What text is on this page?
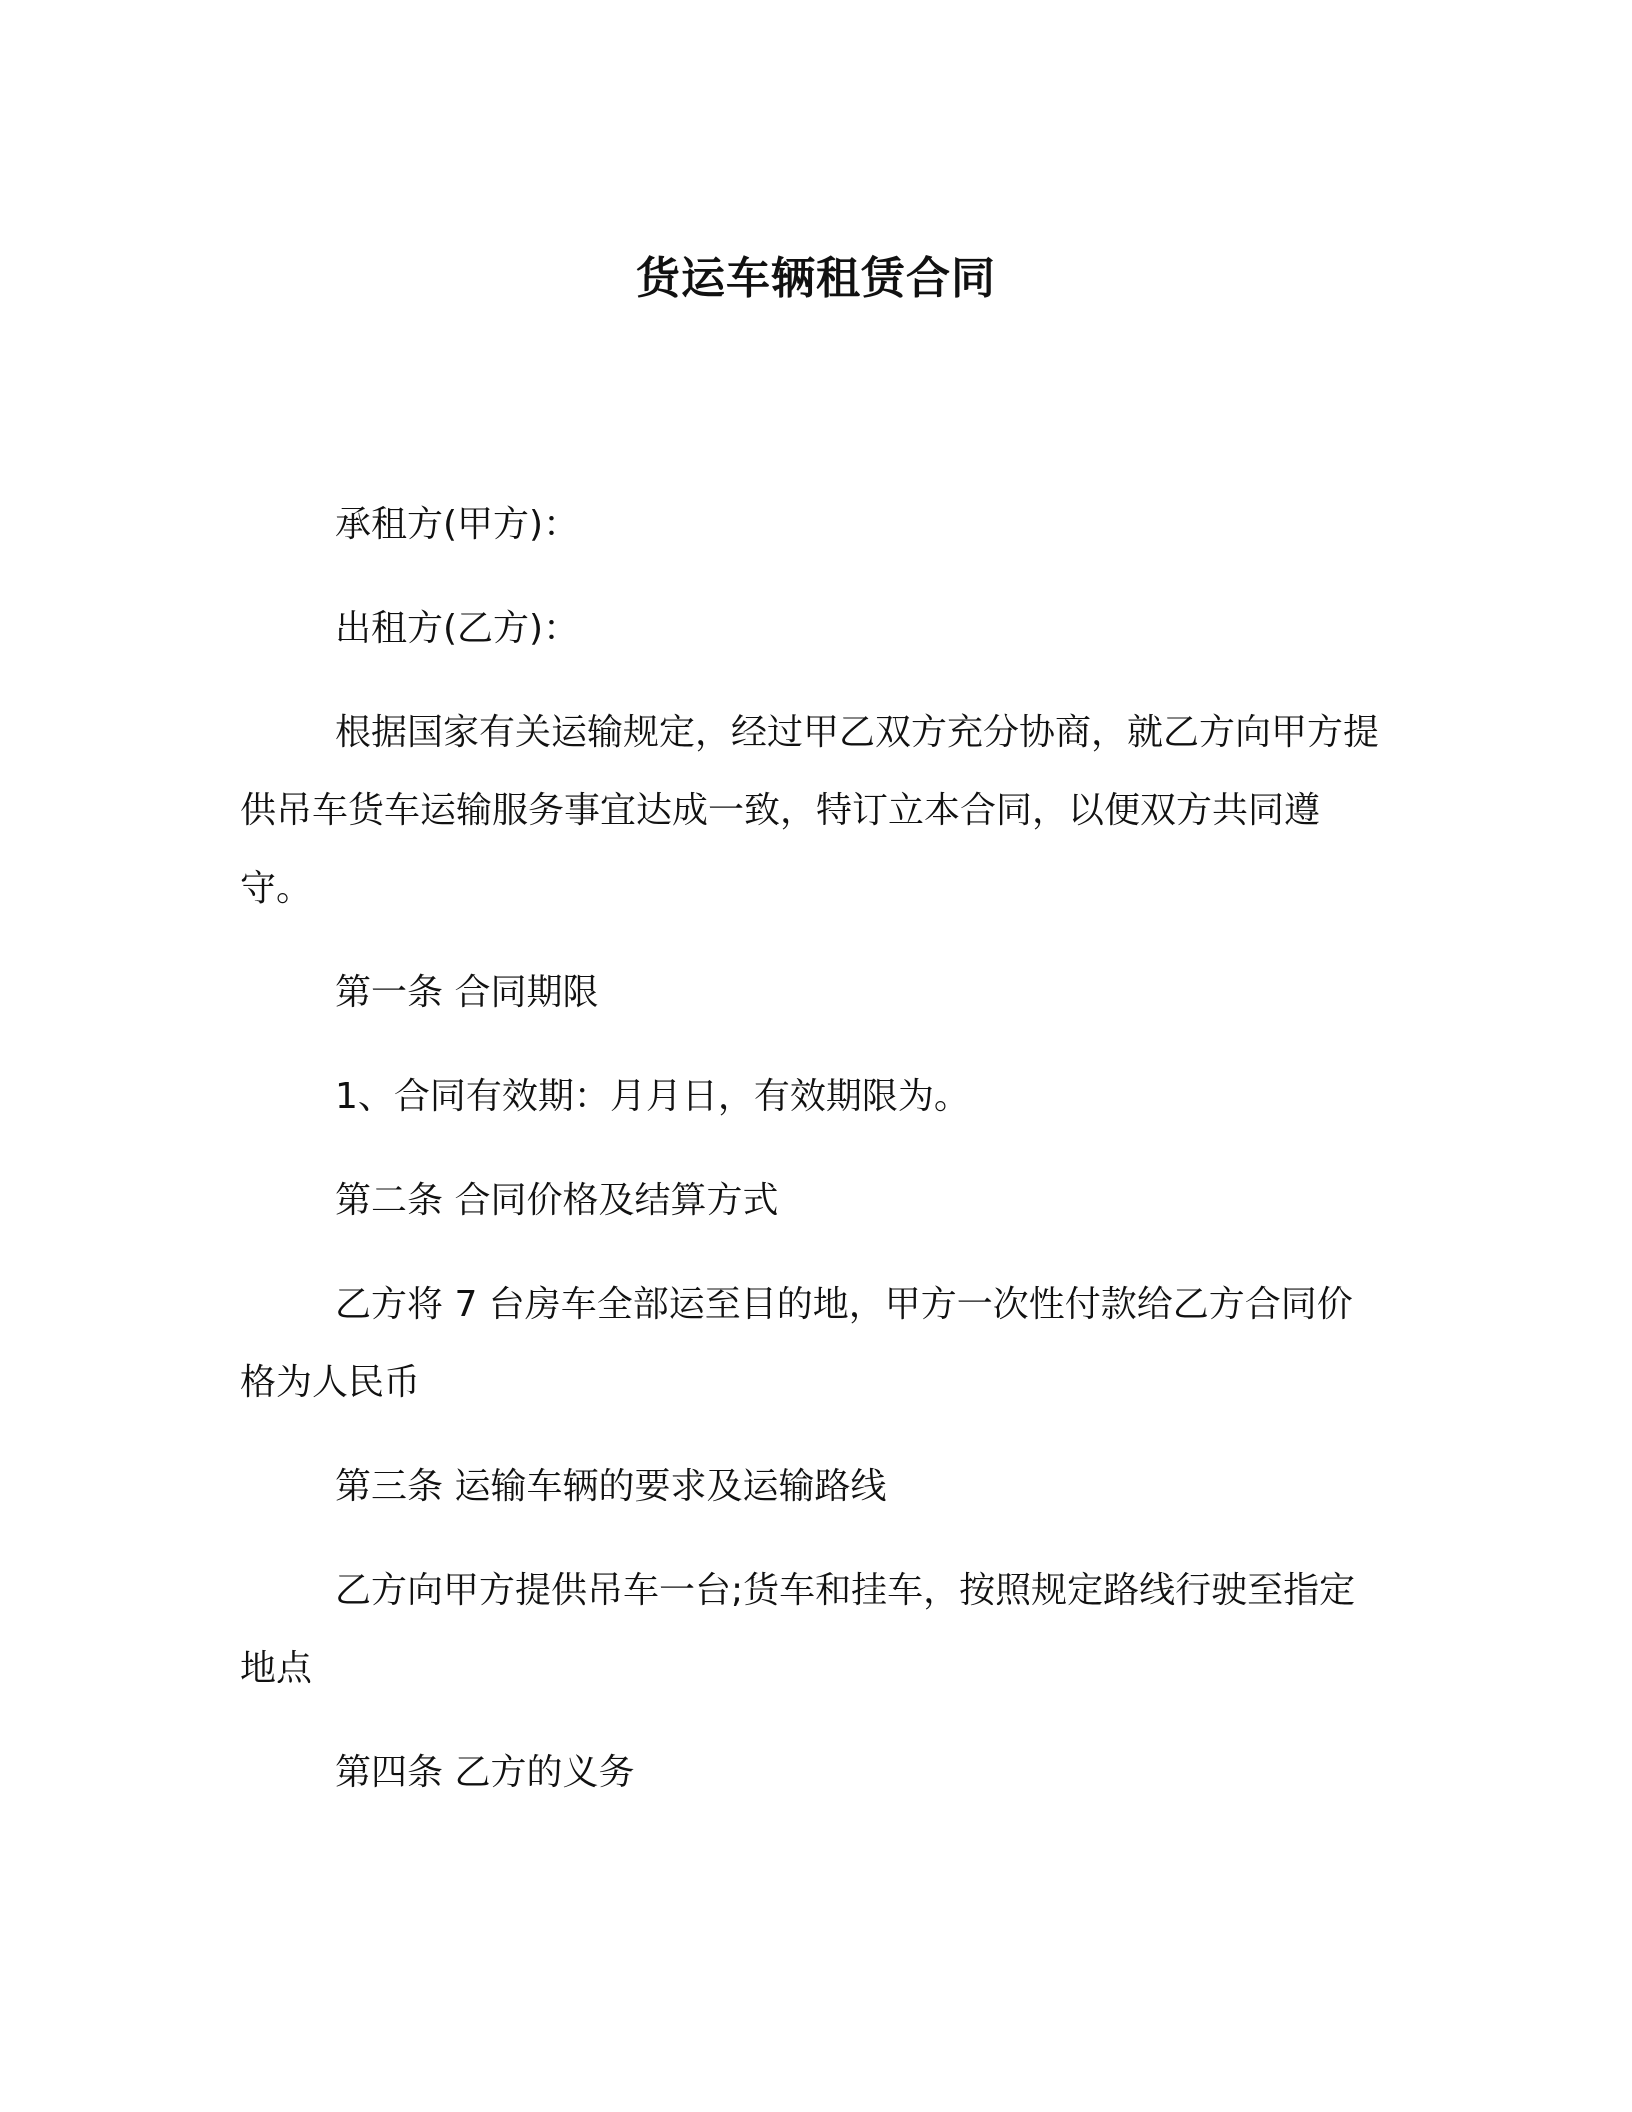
货运车辆租赁合同

承租方(甲方)：

出租方(乙方)：

根据国家有关运输规定，经过甲乙双方充分协商，就乙方向甲方提供吊车货车运输服务事宜达成一致，特订立本合同，以便双方共同遵守。

第一条 合同期限

1、合同有效期：月月日，有效期限为。

第二条 合同价格及结算方式

乙方将 7 台房车全部运至目的地，甲方一次性付款给乙方合同价格为人民币

第三条 运输车辆的要求及运输路线

乙方向甲方提供吊车一台;货车和挂车，按照规定路线行驶至指定地点

第四条 乙方的义务
